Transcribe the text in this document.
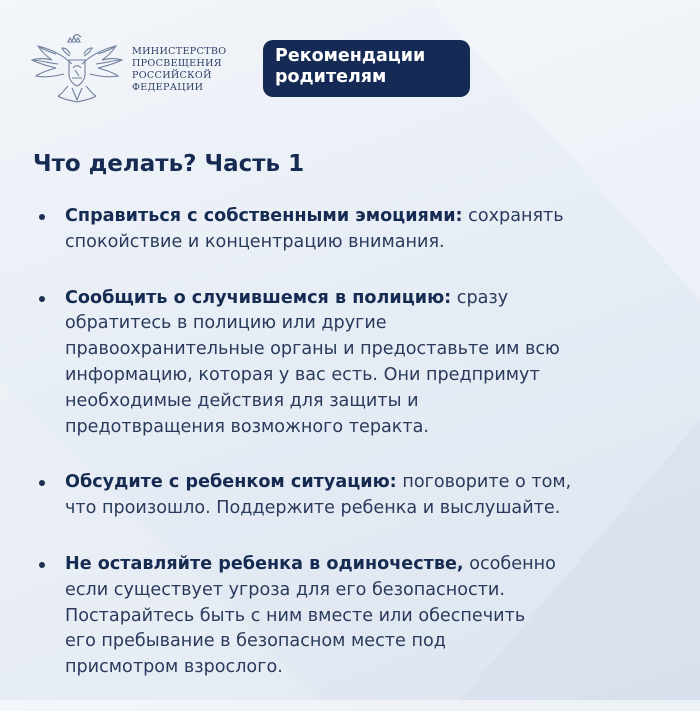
МИНИСТЕРСТВО
ПРОСВЕЩЕНИЯ
РОССИЙСКОЙ
ФЕДЕРАЦИИ
Рекомендации
родителям
Что делать? Часть 1
Справиться с собственными эмоциями: сохранять
спокойствие и концентрацию внимания.
Сообщить о случившемся в полицию: сразу
обратитесь в полицию или другие
правоохранительные органы и предоставьте им всю
информацию, которая у вас есть. Они предпримут
необходимые действия для защиты и
предотвращения возможного теракта.
Обсудите с ребенком ситуацию: поговорите о том,
что произошло. Поддержите ребенка и выслушайте.
Не оставляйте ребенка в одиночестве, особенно
если существует угроза для его безопасности.
Постарайтесь быть с ним вместе или обеспечить
его пребывание в безопасном месте под
присмотром взрослого.
